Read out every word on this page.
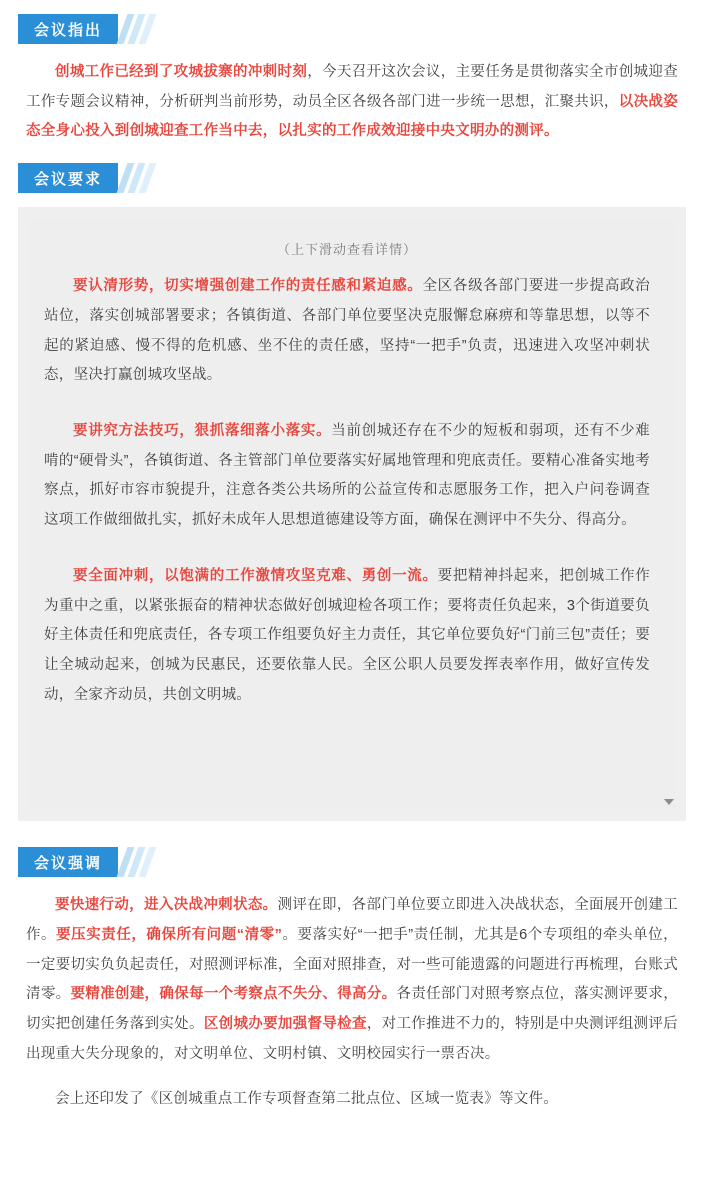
会议指出

创城工作已经到了攻城拔寨的冲刺时刻，今天召开这次会议，主要任务是贯彻落实全市创城迎查工作专题会议精神，分析研判当前形势，动员全区各级各部门进一步统一思想，汇聚共识，以决战姿态全身心投入到创城迎查工作当中去，以扎实的工作成效迎接中央文明办的测评。

会议要求
（上下滑动查看详情）

要认清形势，切实增强创建工作的责任感和紧迫感。全区各级各部门要进一步提高政治站位，落实创城部署要求；各镇街道、各部门单位要坚决克服懈怠麻痹和等靠思想，以等不起的紧迫感、慢不得的危机感、坐不住的责任感，坚持“一把手”负责，迅速进入攻坚冲刺状态，坚决打赢创城攻坚战。

要讲究方法技巧，狠抓落细落小落实。当前创城还存在不少的短板和弱项，还有不少难啃的“硬骨头”，各镇街道、各主管部门单位要落实好属地管理和兜底责任。要精心准备实地考察点，抓好市容市貌提升，注意各类公共场所的公益宣传和志愿服务工作，把入户问卷调查这项工作做细做扎实，抓好未成年人思想道德建设等方面，确保在测评中不失分、得高分。

要全面冲刺，以饱满的工作激情攻坚克难、勇创一流。要把精神抖起来，把创城工作作为重中之重，以紧张振奋的精神状态做好创城迎检各项工作；要将责任负起来，3个街道要负好主体责任和兜底责任，各专项工作组要负好主力责任，其它单位要负好“门前三包”责任；要让全城动起来，创城为民惠民，还要依靠人民。全区公职人员要发挥表率作用，做好宣传发动，全家齐动员，共创文明城。

会议强调

要快速行动，进入决战冲刺状态。测评在即，各部门单位要立即进入决战状态，全面展开创建工作。要压实责任，确保所有问题“清零”。要落实好“一把手”责任制，尤其是6个专项组的牵头单位，一定要切实负负起责任，对照测评标准，全面对照排查，对一些可能遗露的问题进行再梳理，台账式清零。要精准创建，确保每一个考察点不失分、得高分。各责任部门对照考察点位，落实测评要求，切实把创建任务落到实处。区创城办要加强督导检查，对工作推进不力的，特别是中央测评组测评后出现重大失分现象的，对文明单位、文明村镇、文明校园实行一票否决。

会上还印发了《区创城重点工作专项督查第二批点位、区域一览表》等文件。
